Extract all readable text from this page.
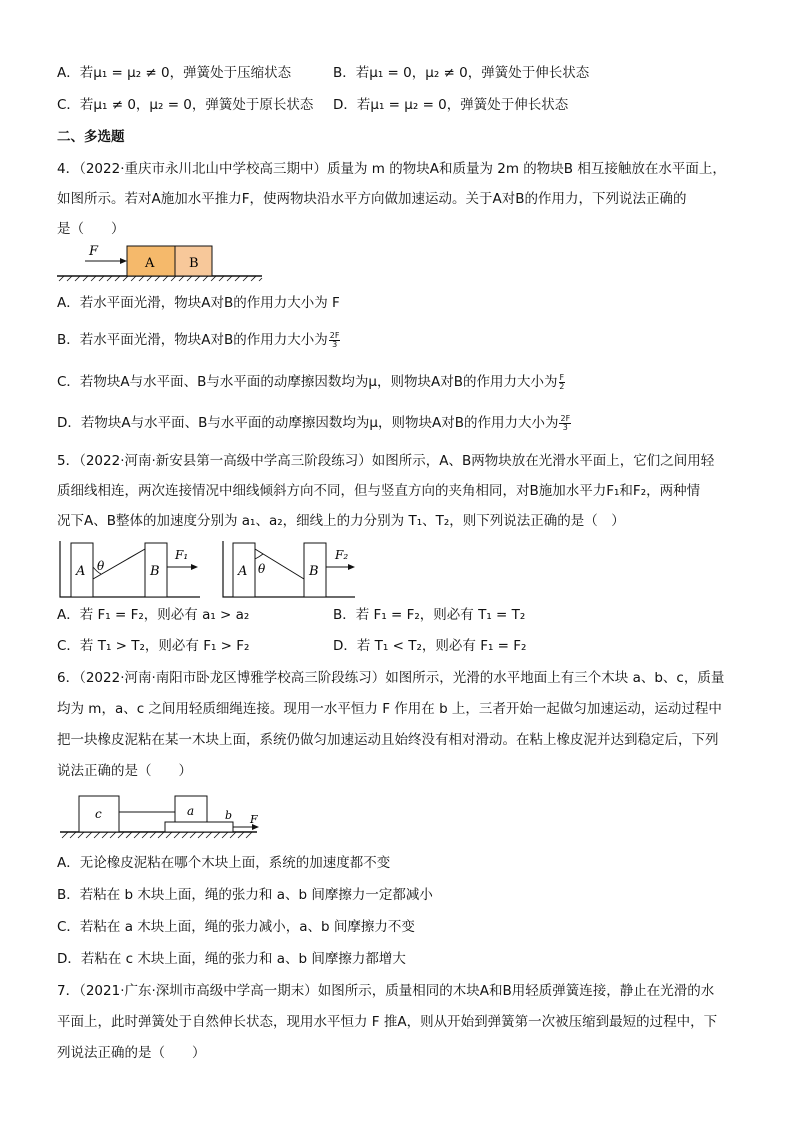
A．若μ₁ = μ₂ ≠ 0，弹簧处于压缩状态	B．若μ₁ = 0，μ₂ ≠ 0，弹簧处于伸长状态
C．若μ₁ ≠ 0，μ₂ = 0，弹簧处于原长状态 D．若μ₁ = μ₂ = 0，弹簧处于伸长状态
二、多选题
4．（2022·重庆市永川北山中学校高三期中）质量为 m 的物块A和质量为 2m 的物块B 相互接触放在水平面上，
如图所示。若对A施加水平推力F，使两物块沿水平方向做加速运动。关于A对B的作用力，下列说法正确的
是（　　）
A	B
F
A．若水平面光滑，物块A对B的作用力大小为 F
B．若水平面光滑，物块A对B的作用力大小为 $\frac{2F}{3}$
C．若物块A与水平面、B与水平面的动摩擦因数均为μ，则物块A对B的作用力大小为 $\frac{F}{2}$
D．若物块A与水平面、B与水平面的动摩擦因数均为μ，则物块A对B的作用力大小为 $\frac{2F}{3}$
5．（2022·河南·新安县第一高级中学高三阶段练习）如图所示，A、B两物块放在光滑水平面上，它们之间用轻
质细线相连，两次连接情况中细线倾斜方向不同，但与竖直方向的夹角相同，对B施加水平力F₁和F₂，两种情
况下A、B整体的加速度分别为 a₁、a₂，细线上的力分别为 T₁、T₂，则下列说法正确的是（　）
A	B
θ
F₁
A	B
θ
F₂
A．若 F₁ = F₂，则必有 a₁ > a₂	B．若 F₁ = F₂，则必有 T₁ = T₂
C．若 T₁ > T₂，则必有 F₁ > F₂	D．若 T₁ < T₂，则必有 F₁ = F₂
6．（2022·河南·南阳市卧龙区博雅学校高三阶段练习）如图所示，光滑的水平地面上有三个木块 a、b、c，质量
均为 m，a、c 之间用轻质细绳连接。现用一水平恒力 F 作用在 b 上，三者开始一起做匀加速运动，运动过程中
把一块橡皮泥粘在某一木块上面，系统仍做匀加速运动且始终没有相对滑动。在粘上橡皮泥并达到稳定后，下列
说法正确的是（　　）
c	a	b F
A．无论橡皮泥粘在哪个木块上面，系统的加速度都不变
B．若粘在 b 木块上面，绳的张力和 a、b 间摩擦力一定都减小
C．若粘在 a 木块上面，绳的张力减小，a、b 间摩擦力不变
D．若粘在 c 木块上面，绳的张力和 a、b 间摩擦力都增大
7．（2021·广东·深圳市高级中学高一期末）如图所示，质量相同的木块A和B用轻质弹簧连接，静止在光滑的水
平面上，此时弹簧处于自然伸长状态，现用水平恒力 F 推A，则从开始到弹簧第一次被压缩到最短的过程中，下
列说法正确的是（　　）
